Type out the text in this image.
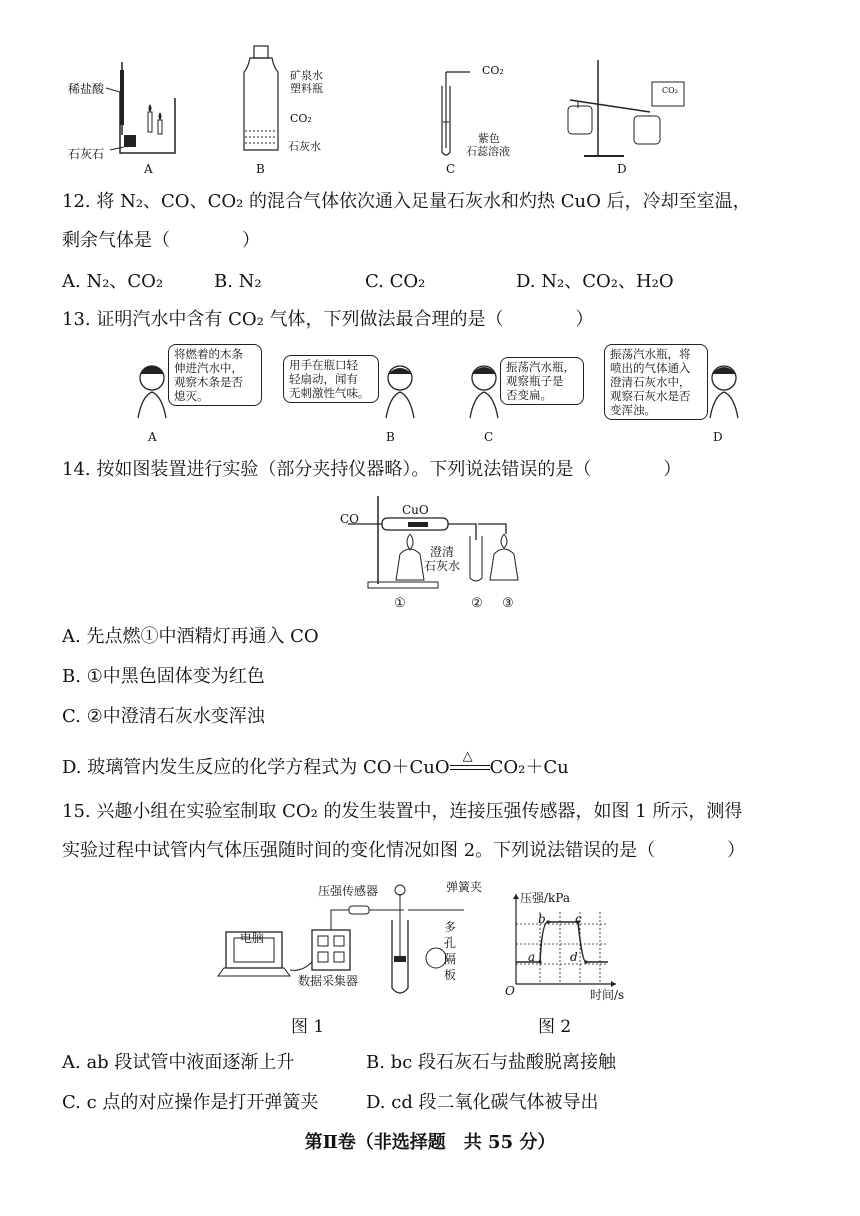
稀盐酸
石灰石
A
矿泉水
塑料瓶
CO₂
石灰水
B
CO₂
紫色
石蕊溶液
C
CO₂
D
12. 将 N₂、CO、CO₂ 的混合气体依次通入足量石灰水和灼热 CuO 后，冷却至室温，
剩余气体是（　　　　）
A. N₂、CO₂	B. N₂	C. CO₂	D. N₂、CO₂、H₂O
13. 证明汽水中含有 CO₂ 气体，下列做法最合理的是（　　　　）
将燃着的木条
伸进汽水中，
观察木条是否
熄灭。
用手在瓶口轻
轻扇动，闻有
无刺激性气味。
振荡汽水瓶，
观察瓶子是
否变扁。
振荡汽水瓶，将
喷出的气体通入
澄清石灰水中，
观察石灰水是否
变浑浊。
A	B	C	D
14. 按如图装置进行实验（部分夹持仪器略）。下列说法错误的是（　　　　）
CO
CuO
澄清
石灰水
①	② ③
A. 先点燃①中酒精灯再通入 CO
B. ①中黑色固体变为红色
C. ②中澄清石灰水变浑浊
D. 玻璃管内发生反应的化学方程式为 CO＋CuO
△
CO₂＋Cu
15. 兴趣小组在实验室制取 CO₂ 的发生装置中，连接压强传感器，如图 1 所示，测得
实验过程中试管内气体压强随时间的变化情况如图 2。下列说法错误的是（　　　　）
压强传感器	弹簧夹
电脑
数据采集器
多
孔
隔
板
图 1
压强/kPa
时间/s
O
a
b c
d
图 2
A. ab 段试管中液面逐渐上升	B. bc 段石灰石与盐酸脱离接触
C. c 点的对应操作是打开弹簧夹	D. cd 段二氧化碳气体被导出
第Ⅱ卷（非选择题　共 55 分）
